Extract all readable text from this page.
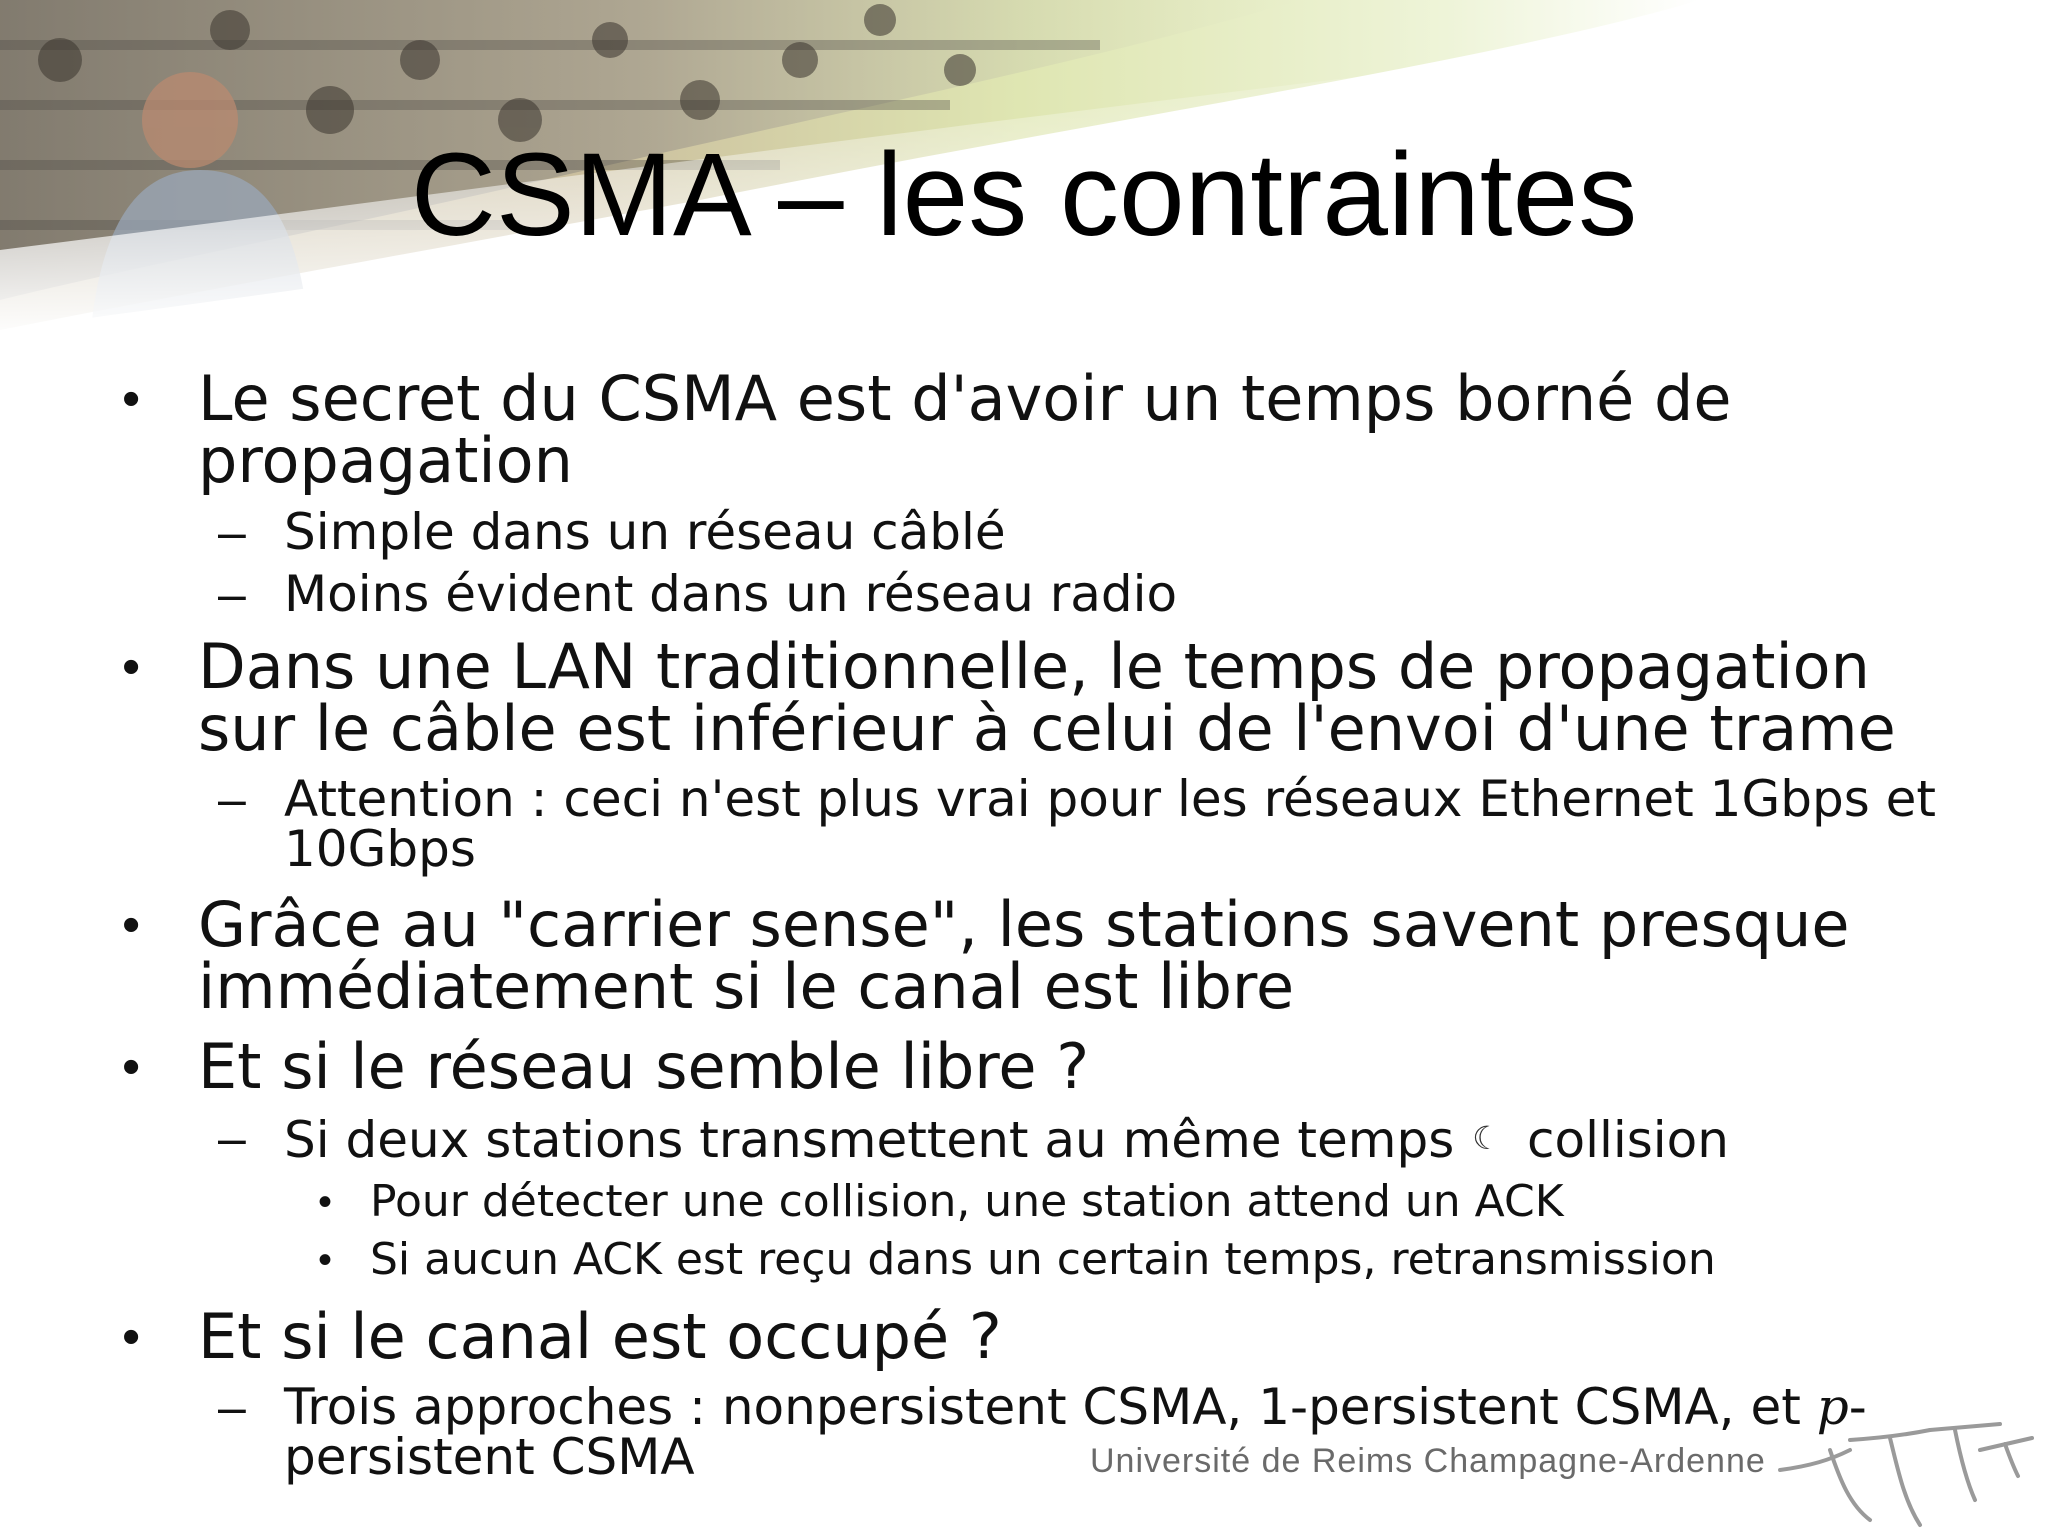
CSMA – les contraintes

• Le secret du CSMA est d'avoir un temps borné de propagation

– Simple dans un réseau câblé

– Moins évident dans un réseau radio

• Dans une LAN traditionnelle, le temps de propagation sur le câble est inférieur à celui de l'envoi d'une trame

– Attention : ceci n'est plus vrai pour les réseaux Ethernet 1Gbps et 10Gbps

• Grâce au "carrier sense", les stations savent presque immédiatement si le canal est libre

• Et si le réseau semble libre ?

– Si deux stations transmettent au même temps ☾ collision

• Pour détecter une collision, une station attend un ACK

• Si aucun ACK est reçu dans un certain temps, retransmission

• Et si le canal est occupé ?

– Trois approches : nonpersistent CSMA, 1-persistent CSMA, et p-persistent CSMA	Université de Reims Champagne-Ardenne
